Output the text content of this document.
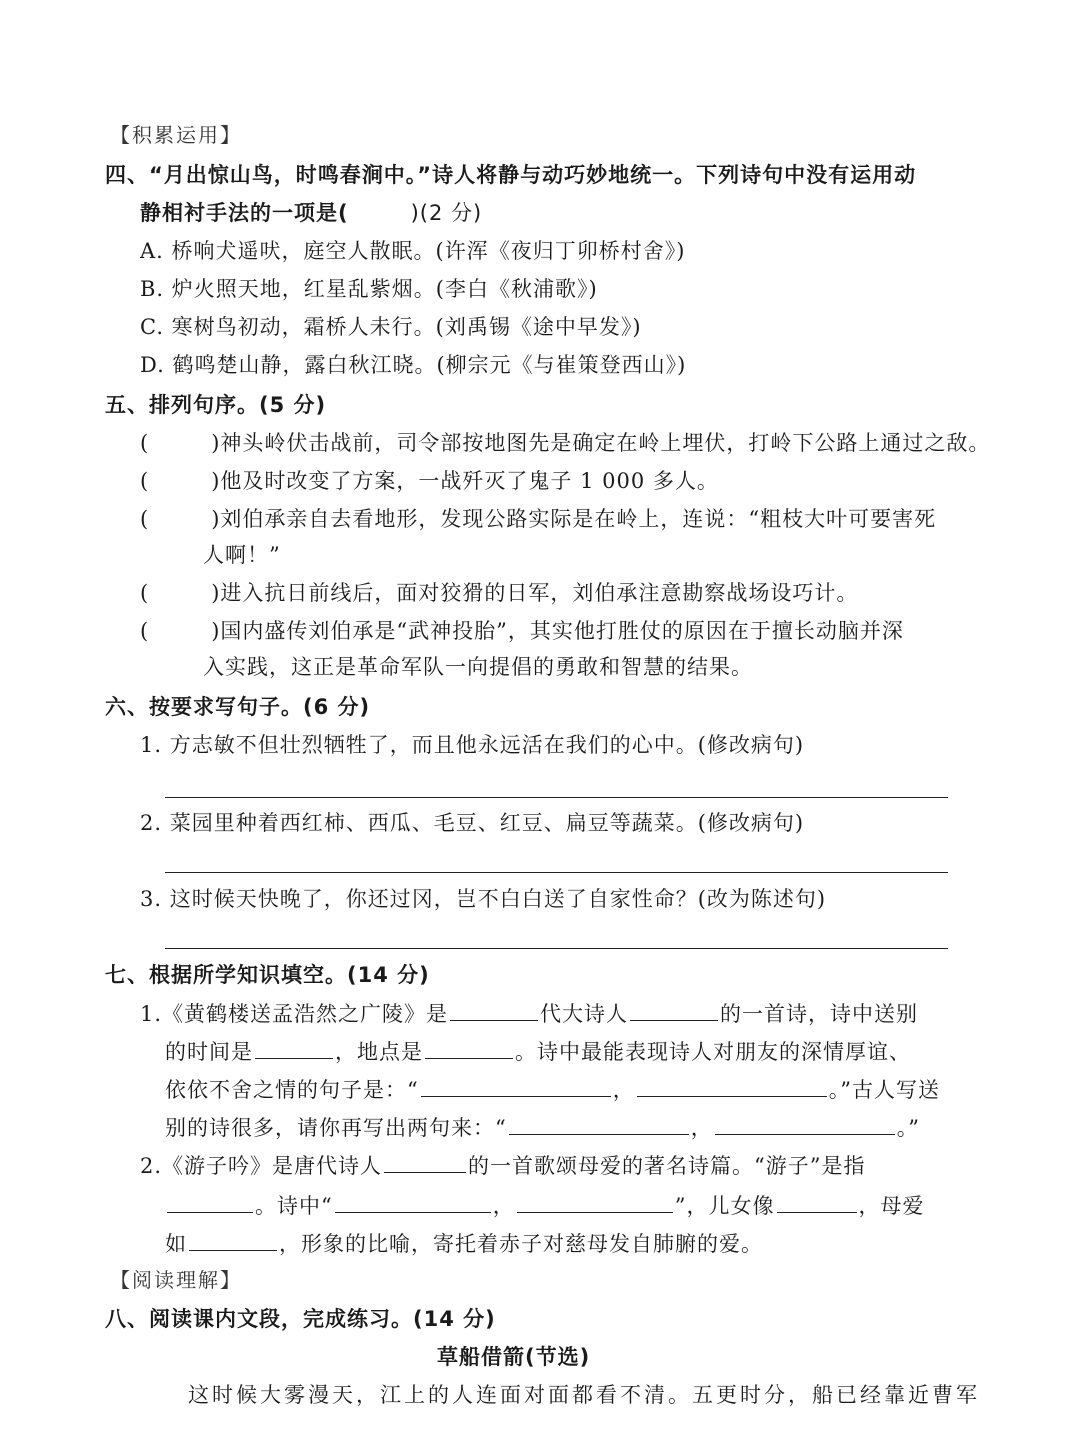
【积累运用】
四、“月出惊山鸟，时鸣春涧中。”诗人将静与动巧妙地统一。下列诗句中没有运用动
静相衬手法的一项是(	)(2 分)
A. 桥响犬遥吠，庭空人散眠。(许浑《夜归丁卯桥村舍》)
B. 炉火照天地，红星乱紫烟。(李白《秋浦歌》)
C. 寒树鸟初动，霜桥人未行。(刘禹锡《途中早发》)
D. 鹤鸣楚山静，露白秋江晓。(柳宗元《与崔策登西山》)
五、排列句序。(5 分)
(	)神头岭伏击战前，司令部按地图先是确定在岭上埋伏，打岭下公路上通过之敌。
(	)他及时改变了方案，一战歼灭了鬼子 1 000 多人。
(	)刘伯承亲自去看地形，发现公路实际是在岭上，连说：“粗枝大叶可要害死
人啊！”
(	)进入抗日前线后，面对狡猾的日军，刘伯承注意勘察战场设巧计。
(	)国内盛传刘伯承是“武神投胎”，其实他打胜仗的原因在于擅长动脑并深
入实践，这正是革命军队一向提倡的勇敢和智慧的结果。
六、按要求写句子。(6 分)
1. 方志敏不但壮烈牺牲了，而且他永远活在我们的心中。(修改病句)
2. 菜园里种着西红柿、西瓜、毛豆、红豆、扁豆等蔬菜。(修改病句)
3. 这时候天快晚了，你还过冈，岂不白白送了自家性命？(改为陈述句)
七、根据所学知识填空。(14 分)
1.《黄鹤楼送孟浩然之广陵》是	代大诗人	的一首诗，诗中送别
的时间是	，地点是	。诗中最能表现诗人对朋友的深情厚谊、
依依不舍之情的句子是：“	，	。”古人写送
别的诗很多，请你再写出两句来：“	，	。”
2.《游子吟》是唐代诗人	的一首歌颂母爱的著名诗篇。“游子”是指
。诗中“	，	”，儿女像	，母爱
如	，形象的比喻，寄托着赤子对慈母发自肺腑的爱。
【阅读理解】
八、阅读课内文段，完成练习。(14 分)
草船借箭(节选)
这时候大雾漫天，江上的人连面对面都看不清。五更时分，船已经靠近曹军
